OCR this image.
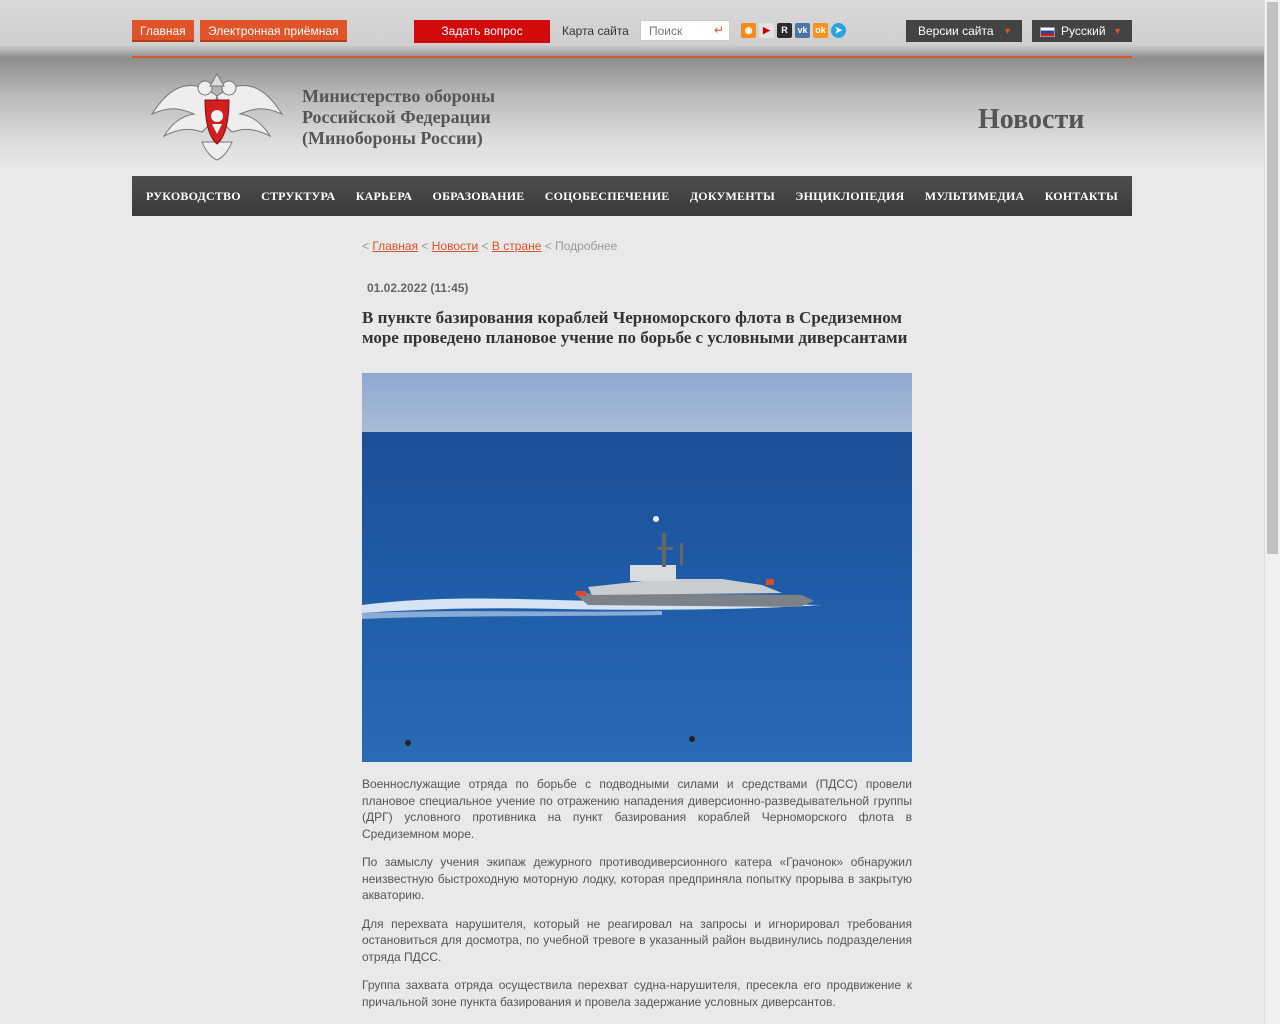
Главная	Электронная приёмная	Задать вопрос	Карта сайта
Поиск	↵	◉ ▶ R vk ok ➤	Версии сайта ▼	Русский ▼
Министерство обороны
Российской Федерации
(Минобороны России)
Новости
РУКОВОДСТВО СТРУКТУРА КАРЬЕРА ОБРАЗОВАНИЕ СОЦОБЕСПЕЧЕНИЕ ДОКУМЕНТЫ ЭНЦИКЛОПЕДИЯ МУЛЬТИМЕДИА КОНТАКТЫ
< Главная < Новости < В стране < Подробнее
01.02.2022 (11:45)
В пункте базирования кораблей Черноморского флота в Средиземном море проведено плановое учение по борьбе с условными диверсантами

Военнослужащие отряда по борьбе с подводными силами и средствами (ПДСС) провели плановое специальное учение по отражению нападения диверсионно-разведывательной группы (ДРГ) условного противника на пункт базирования кораблей Черноморского флота в Средиземном море.

По замыслу учения экипаж дежурного противодиверсионного катера «Грачонок» обнаружил неизвестную быстроходную моторную лодку, которая предприняла попытку прорыва в закрытую акваторию.

Для перехвата нарушителя, который не реагировал на запросы и игнорировал требования остановиться для досмотра, по учебной тревоге в указанный район выдвинулись подразделения отряда ПДСС.

Группа захвата отряда осуществила перехват судна-нарушителя, пресекла его продвижение к причальной зоне пункта базирования и провела задержание условных диверсантов.
